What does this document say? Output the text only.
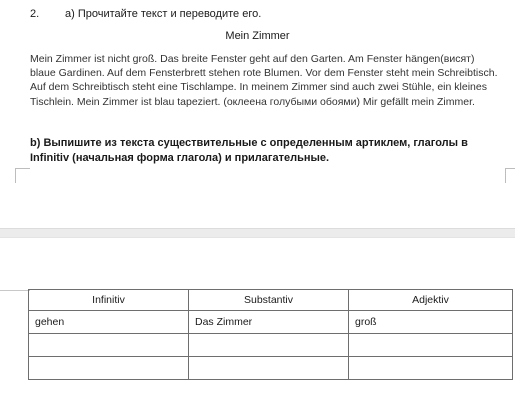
2. а) Прочитайте текст и переводите его.
Mein Zimmer
Mein Zimmer ist nicht groß. Das breite Fenster geht auf den Garten. Am Fenster hängen(висят) blaue Gardinen. Auf dem Fensterbrett stehen rote Blumen. Vor dem Fenster steht mein Schreibtisch. Auf dem Schreibtisch steht eine Tischlampe. In meinem Zimmer sind auch zwei Stühle, ein kleines Tischlein. Mein Zimmer ist blau tapeziert. (оклеена голубыми обоями) Mir gefällt mein Zimmer.
b) Выпишите из текста существительные с определенным артиклем, глаголы в Infinitiv (начальная форма глагола) и прилагательные.
Infinitiv	Substantiv	Adjektiv
gehen	Das Zimmer	groß
